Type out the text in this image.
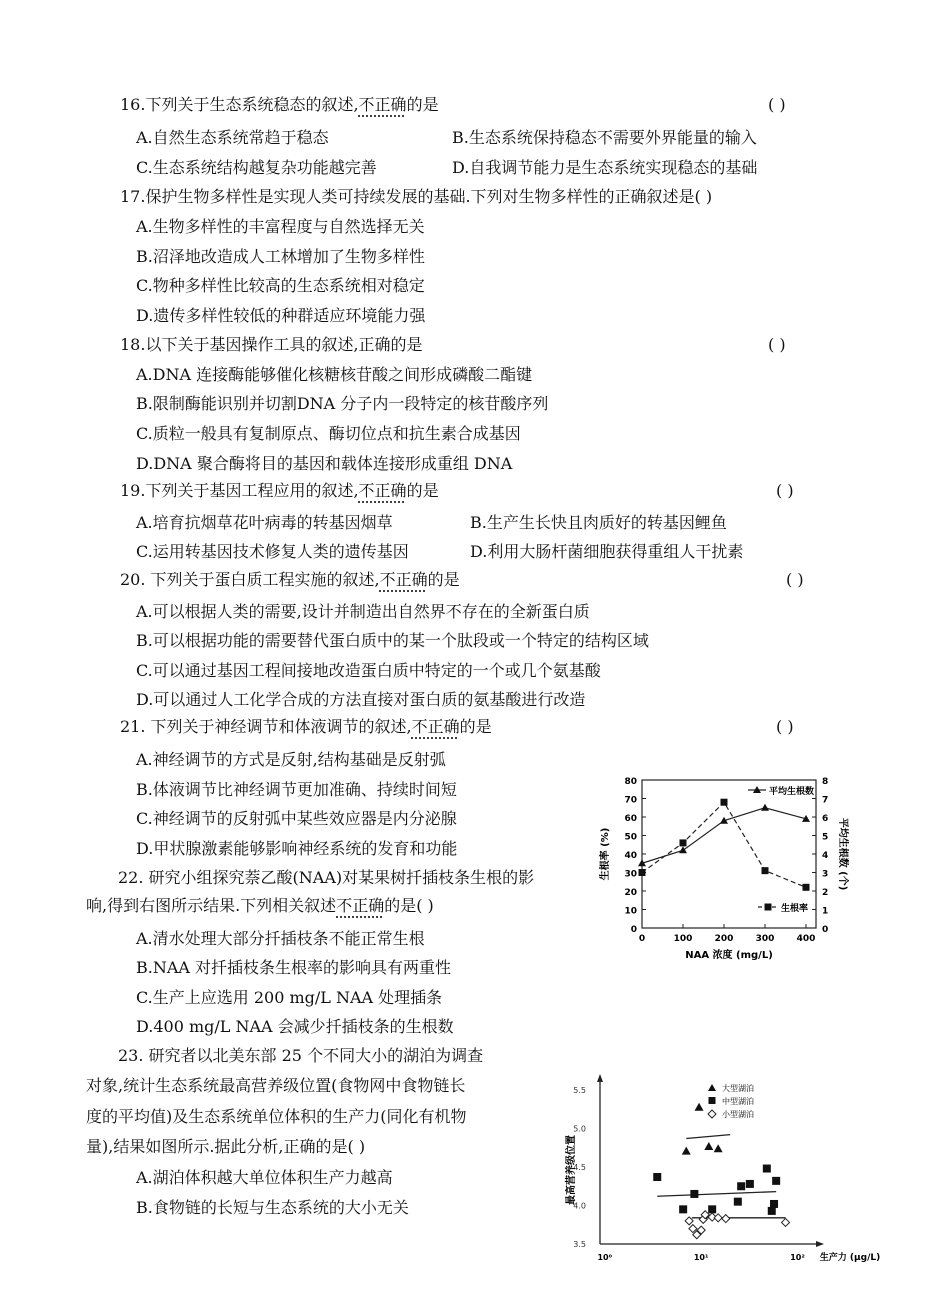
16.下列关于生态系统稳态的叙述,不正确的是	( )
A.自然生态系统常趋于稳态	B.生态系统保持稳态不需要外界能量的输入
C.生态系统结构越复杂功能越完善	D.自我调节能力是生态系统实现稳态的基础
17.保护生物多样性是实现人类可持续发展的基础.下列对生物多样性的正确叙述是( )
A.生物多样性的丰富程度与自然选择无关
B.沼泽地改造成人工林增加了生物多样性
C.物种多样性比较高的生态系统相对稳定
D.遗传多样性较低的种群适应环境能力强
18.以下关于基因操作工具的叙述,正确的是	( )
A.DNA 连接酶能够催化核糖核苷酸之间形成磷酸二酯键
B.限制酶能识别并切割DNA 分子内一段特定的核苷酸序列
C.质粒一般具有复制原点、酶切位点和抗生素合成基因
D.DNA 聚合酶将目的基因和载体连接形成重组 DNA
19.下列关于基因工程应用的叙述,不正确的是	( )
A.培育抗烟草花叶病毒的转基因烟草	B.生产生长快且肉质好的转基因鲤鱼
C.运用转基因技术修复人类的遗传基因	D.利用大肠杆菌细胞获得重组人干扰素
20. 下列关于蛋白质工程实施的叙述,不正确的是	( )
A.可以根据人类的需要,设计并制造出自然界不存在的全新蛋白质
B.可以根据功能的需要替代蛋白质中的某一个肽段或一个特定的结构区域
C.可以通过基因工程间接地改造蛋白质中特定的一个或几个氨基酸
D.可以通过人工化学合成的方法直接对蛋白质的氨基酸进行改造
21. 下列关于神经调节和体液调节的叙述,不正确的是	( )
A.神经调节的方式是反射,结构基础是反射弧
B.体液调节比神经调节更加准确、持续时间短
C.神经调节的反射弧中某些效应器是内分泌腺
D.甲状腺激素能够影响神经系统的发育和功能
22. 研究小组探究萘乙酸(NAA)对某果树扦插枝条生根的影
响,得到右图所示结果.下列相关叙述不正确的是( )
A.清水处理大部分扦插枝条不能正常生根
B.NAA 对扦插枝条生根率的影响具有两重性
C.生产上应选用 200 mg/L NAA 处理插条
D.400 mg/L NAA 会减少扦插枝条的生根数
23. 研究者以北美东部 25 个不同大小的湖泊为调查
对象,统计生态系统最高营养级位置(食物网中食物链长
度的平均值)及生态系统单位体积的生产力(同化有机物
量),结果如图所示.据此分析,正确的是( )
A.湖泊体积越大单位体积生产力越高
B.食物链的长短与生态系统的大小无关
0
10
20
30
40
50
60
70
80
0
1
2
3
4
5
6
7
8
0	100 200 300 400
NAA 浓度 (mg/L)
生根率 (%)	平均生根数 (个)
平均生根数
生根率
3.5
4.0
4.5
5.0
5.5
10⁰	10¹	10² 生产力 (μg/L)
最高营养级位置
大型湖泊
中型湖泊
小型湖泊
